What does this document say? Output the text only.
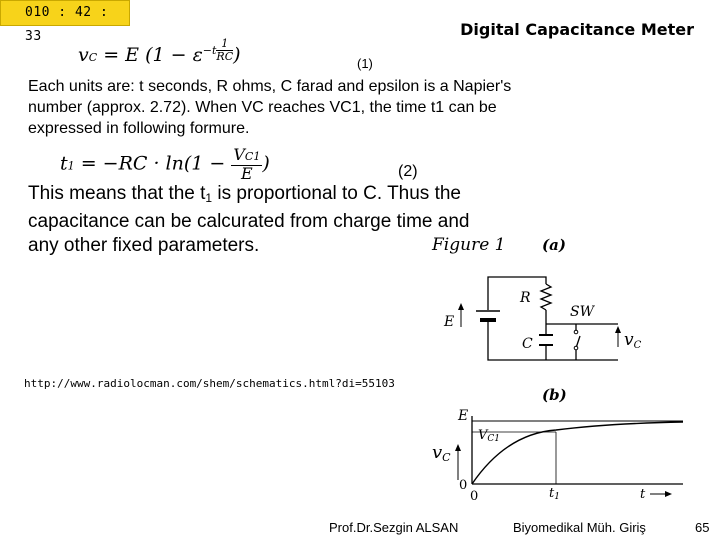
010 : 42 : 33	Digital Capacitance Meter
vC = E ($1 - \varepsilon^{-t \frac{1}{RC}}$ )	(1)
Each units are: t seconds, R ohms, C farad and epsilon is a Napier's number (approx. 2.72). When VC reaches VC1, the time t1 can be expressed in following formure.
$t1 = -RC \cdot \ln(1 - \frac{VC1}{E}$ )	(2)
This means that the $t_1$ is proportional to C. Thus the capacitance can be calcurated from charge time and any other fixed parameters.	Figure 1 (a)
R
SW
E
C	vC
http://www.radiolocman.com/shem/schematics.html?di=55103
(b)
E
VC1
vC
0
0	t1	t
Prof.Dr.Sezgin ALSAN	Biyomedikal Müh. Giriş	65
